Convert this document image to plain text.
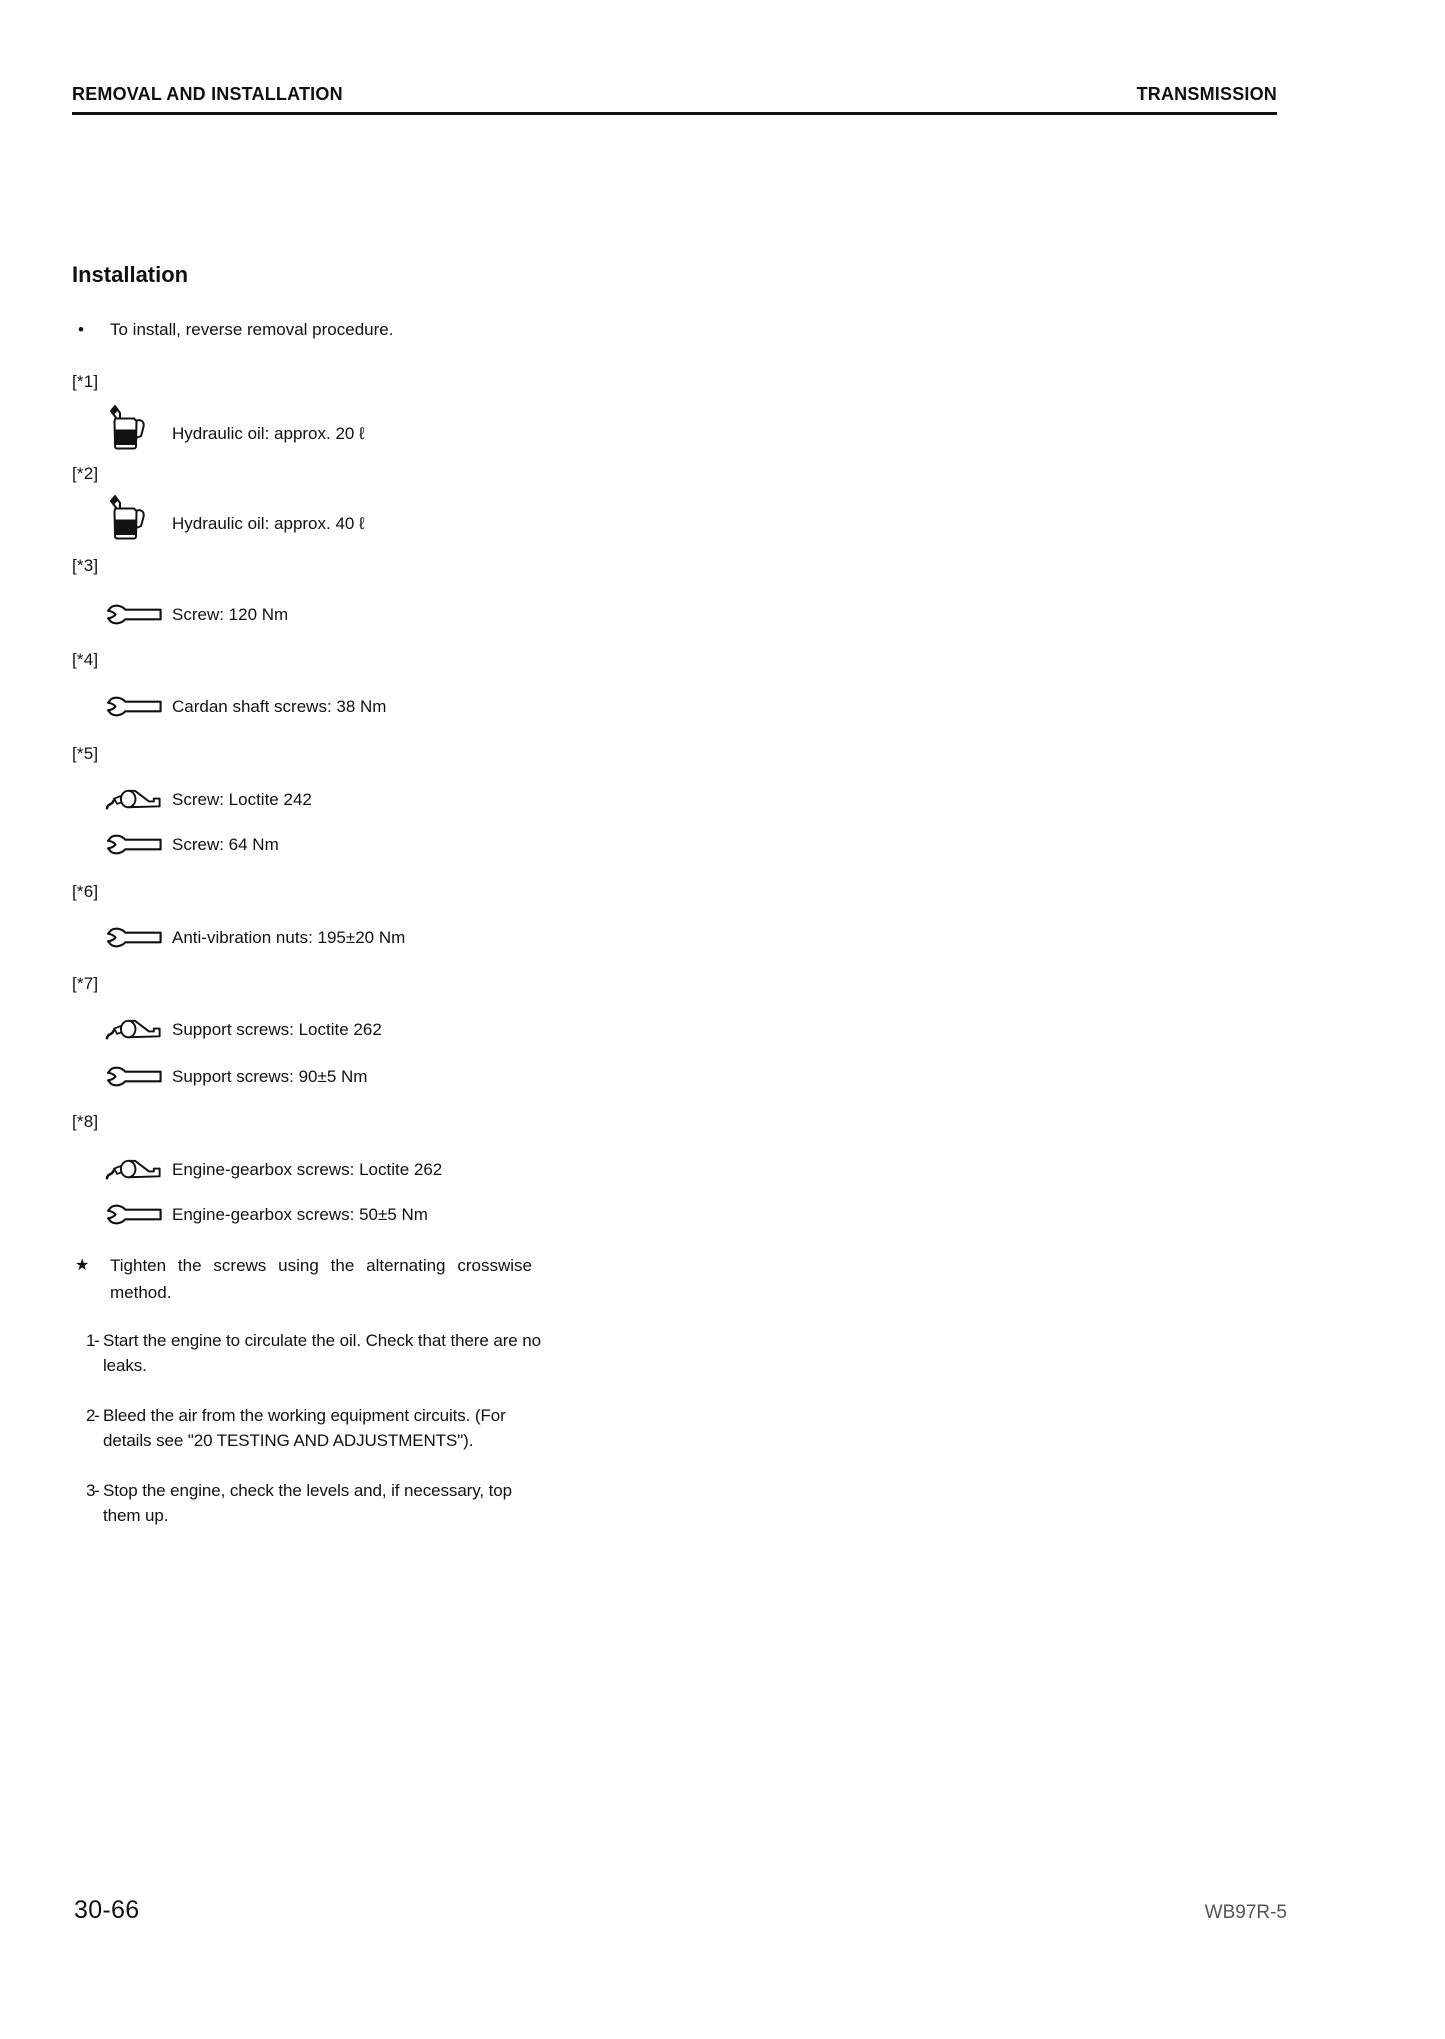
REMOVAL AND INSTALLATION	TRANSMISSION
Installation
•	To install, reverse removal procedure.
[*1]
Hydraulic oil: approx. 20 ℓ
[*2]
Hydraulic oil: approx. 40 ℓ
[*3]
Screw: 120 Nm
[*4]
Cardan shaft screws: 38 Nm
[*5]
Screw: Loctite 242
Screw: 64 Nm
[*6]
Anti-vibration nuts: 195±20 Nm
[*7]
Support screws: Loctite 262
Support screws: 90±5 Nm
[*8]
Engine-gearbox screws: Loctite 262
Engine-gearbox screws: 50±5 Nm
★	Tighten the screws using the alternating crosswise method.
1
- Start the engine to circulate the oil. Check that there are no leaks.
2
- Bleed the air from the working equipment circuits. (For details see "20 TESTING AND ADJUSTMENTS").
3
- Stop the engine, check the levels and, if necessary, top them up.
30-66	WB97R-5
